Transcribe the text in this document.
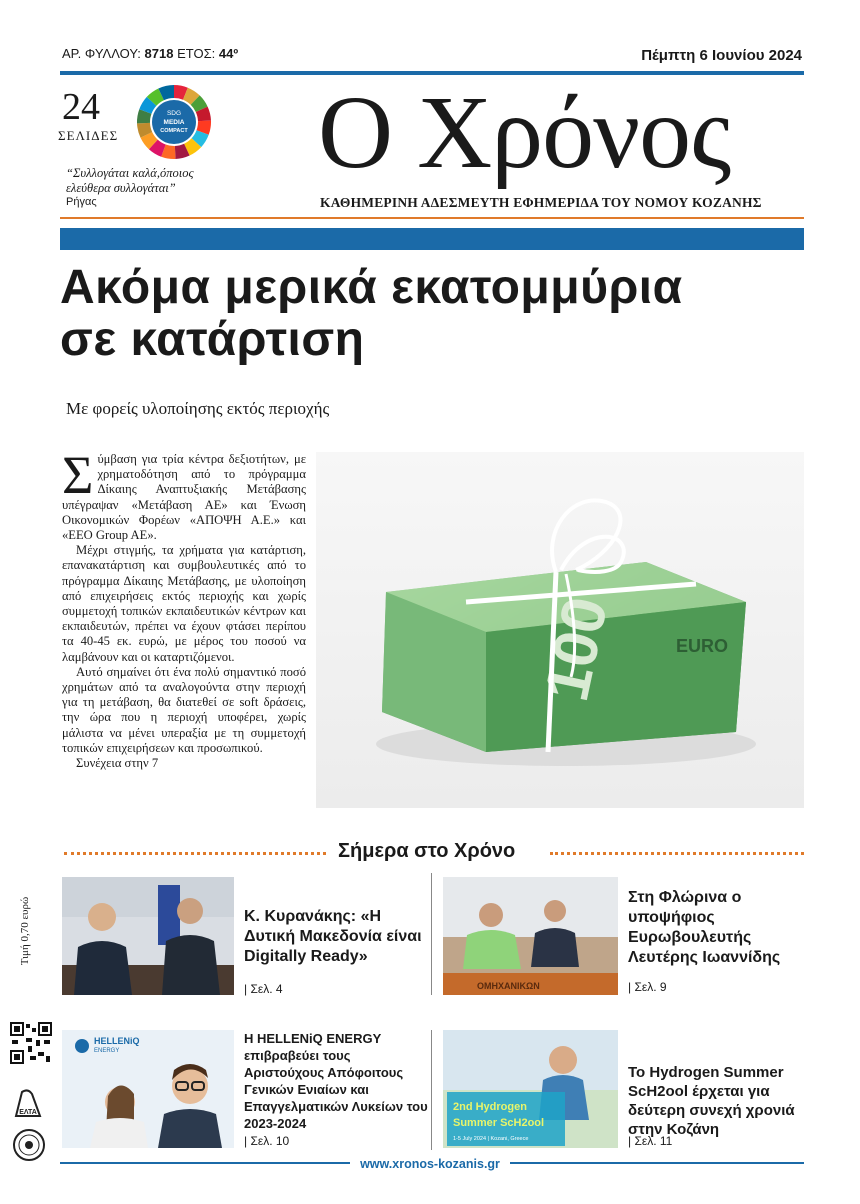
ΑΡ. ΦΥΛΛΟΥ: 8718 ΕΤΟΣ: 44º	Πέμπτη 6 Ιουνίου 2024
24
ΣΕΛΙΔΕΣ
SDG
MEDIA
COMPACT
“Συλλογάται καλά,όποιος ελεύθερα συλλογάται”
Ρήγας
Ο Χρόνος
ΚΑΘΗΜΕΡΙΝΗ ΑΔΕΣΜΕΥΤΗ ΕΦΗΜΕΡΙΔΑ ΤΟΥ ΝΟΜΟΥ ΚΟΖΑΝΗΣ
Ακόμα μερικά εκατομμύρια
σε κατάρτιση
Με φορείς υλοποίησης εκτός περιοχής

Σύμβαση για τρία κέντρα δεξιοτήτων, με χρηματοδότηση από το πρόγραμμα Δίκαιης Αναπτυξιακής Μετάβασης υπέγραψαν «Μετάβαση ΑΕ» και Ένωση Οικονομικών Φορέων «ΑΠΟΨΗ Α.Ε.» και «ΕΕΟ Group AE».

Μέχρι στιγμής, τα χρήματα για κατάρτιση, επανακατάρτιση και συμβουλευτικές από το πρόγραμμα Δίκαιης Μετάβασης, με υλοποίηση από επιχειρήσεις εκτός περιοχής και χωρίς συμμετοχή τοπικών εκπαιδευτικών κέντρων και εκπαιδευτών, πρέπει να έχουν φτάσει περίπου τα 40-45 εκ. ευρώ, με μέρος του ποσού να λαμβάνουν και οι καταρτιζόμενοι.

Αυτό σημαίνει ότι ένα πολύ σημαντικό ποσό χρημάτων από τα αναλογούντα στην περιοχή για τη μετάβαση, θα διατεθεί σε soft δράσεις, την ώρα που η περιοχή υποφέρει, χωρίς μάλιστα να μένει υπεραξία με τη συμμετοχή τοπικών επιχειρήσεων και προσωπικού.

Συνέχεια στην 7

100	EURO
Σήμερα στο Χρόνο
Τιμή 0,70 ευρώ	Κ. Κυρανάκης: «Η Δυτική Μακεδονία είναι Digitally Ready»
| Σελ. 4	ΟΜΗΧΑΝΙΚΩΝ
Στη Φλώρινα ο υποψήφιος Ευρωβουλευτής Λευτέρης Ιωαννίδης
| Σελ. 9
HELLENiQ
ENERGY
Η HELLENiQ ENERGY επιβραβεύει τους Αριστούχους Απόφοιτους Γενικών Ενιαίων και Επαγγελματικών Λυκείων του 2023-2024
| Σελ. 10
2nd Hydrogen
Summer ScH2ool
1-5 July 2024 | Kozani, Greece
Το Hydrogen Summer ScH2ool έρχεται για δεύτερη συνεχή χρονιά στην Κοζάνη
| Σελ. 11
ΕΛΤΑ
www.xronos-kozanis.gr
